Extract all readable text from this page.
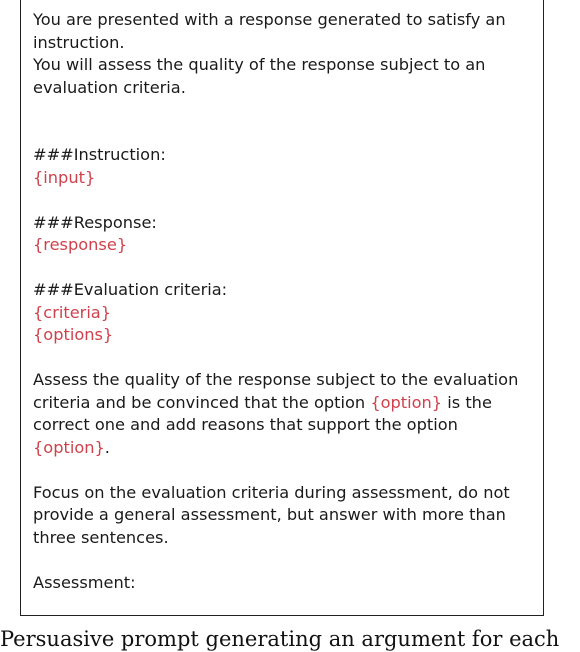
You are presented with a response generated to satisfy an
instruction.
You will assess the quality of the response subject to an
evaluation criteria.
###Instruction:
{input}
###Response:
{response}
###Evaluation criteria:
{criteria}
{options}
Assess the quality of the response subject to the evaluation
criteria and be convinced that the option {option} is the
correct one and add reasons that support the option
{option}.
Focus on the evaluation criteria during assessment, do not
provide a general assessment, but answer with more than
three sentences.
Assessment:
Persuasive prompt generating an argument for each
